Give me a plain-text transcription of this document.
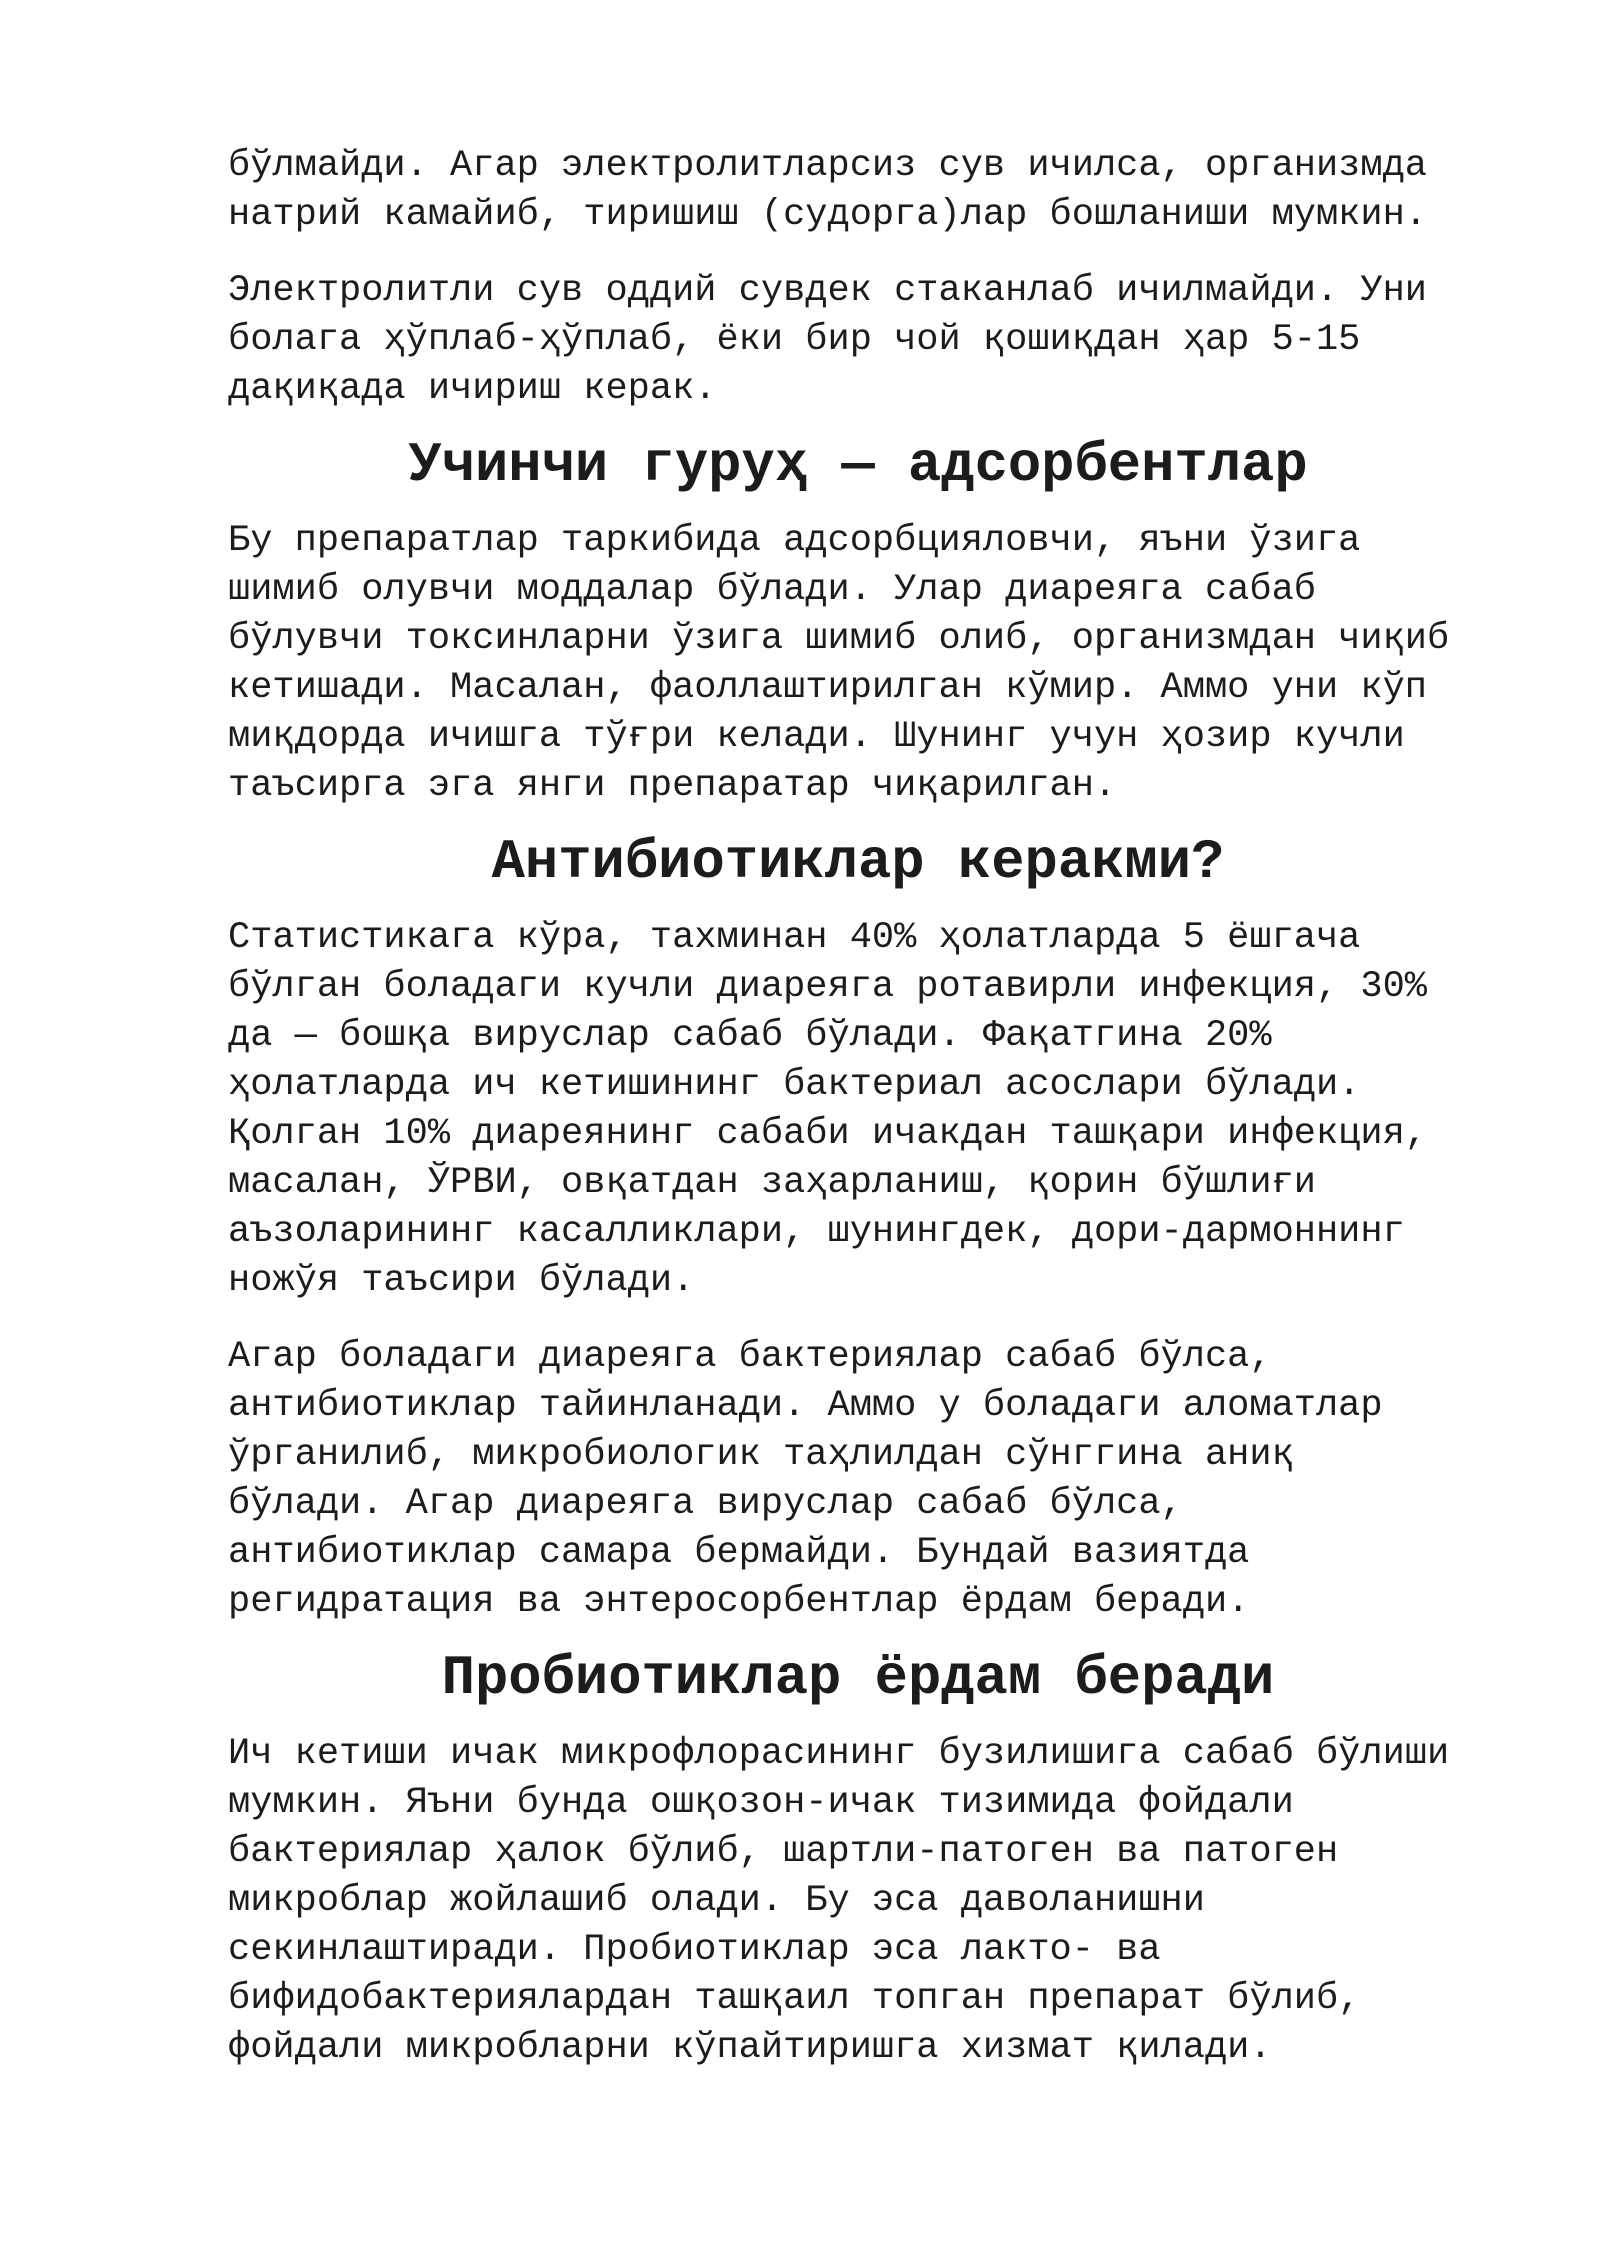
бўлмайди. Агар электролитларсиз сув ичилса, организмда
натрий камайиб, тиришиш (судорга)лар бошланиши мумкин.

Электролитли сув оддий сувдек стаканлаб ичилмайди. Уни
болага ҳўплаб-ҳўплаб, ёки бир чой қошиқдан ҳар 5-15
дақиқада ичириш керак.

Учинчи гуруҳ — адсорбентлар

Бу препаратлар таркибида адсорбцияловчи, яъни ўзига
шимиб олувчи моддалар бўлади. Улар диареяга сабаб
бўлувчи токсинларни ўзига шимиб олиб, организмдан чиқиб
кетишади. Масалан, фаоллаштирилган кўмир. Аммо уни кўп
миқдорда ичишга тўғри келади. Шунинг учун ҳозир кучли
таъсирга эга янги препаратар чиқарилган.

Антибиотиклар керакми?

Статистикага кўра, тахминан 40% ҳолатларда 5 ёшгача
бўлган боладаги кучли диареяга ротавирли инфекция, 30%
да — бошқа вируслар сабаб бўлади. Фақатгина 20%
ҳолатларда ич кетишининг бактериал асослари бўлади.
Қолган 10% диареянинг сабаби ичакдан ташқари инфекция,
масалан, ЎРВИ, овқатдан заҳарланиш, қорин бўшлиғи
аъзоларининг касалликлари, шунингдек, дори-дармоннинг
ножўя таъсири бўлади.

Агар боладаги диареяга бактериялар сабаб бўлса,
антибиотиклар тайинланади. Аммо у боладаги аломатлар
ўрганилиб, микробиологик таҳлилдан сўнггина аниқ
бўлади. Агар диареяга вируслар сабаб бўлса,
антибиотиклар самара бермайди. Бундай вазиятда
регидратация ва энтеросорбентлар ёрдам беради.

Пробиотиклар ёрдам беради

Ич кетиши ичак микрофлорасининг бузилишига сабаб бўлиши
мумкин. Яъни бунда ошқозон-ичак тизимида фойдали
бактериялар ҳалок бўлиб, шартли-патоген ва патоген
микроблар жойлашиб олади. Бу эса даволанишни
секинлаштиради. Пробиотиклар эса лакто- ва
бифидобактериялардан ташқаил топган препарат бўлиб,
фойдали микробларни кўпайтиришга хизмат қилади.
